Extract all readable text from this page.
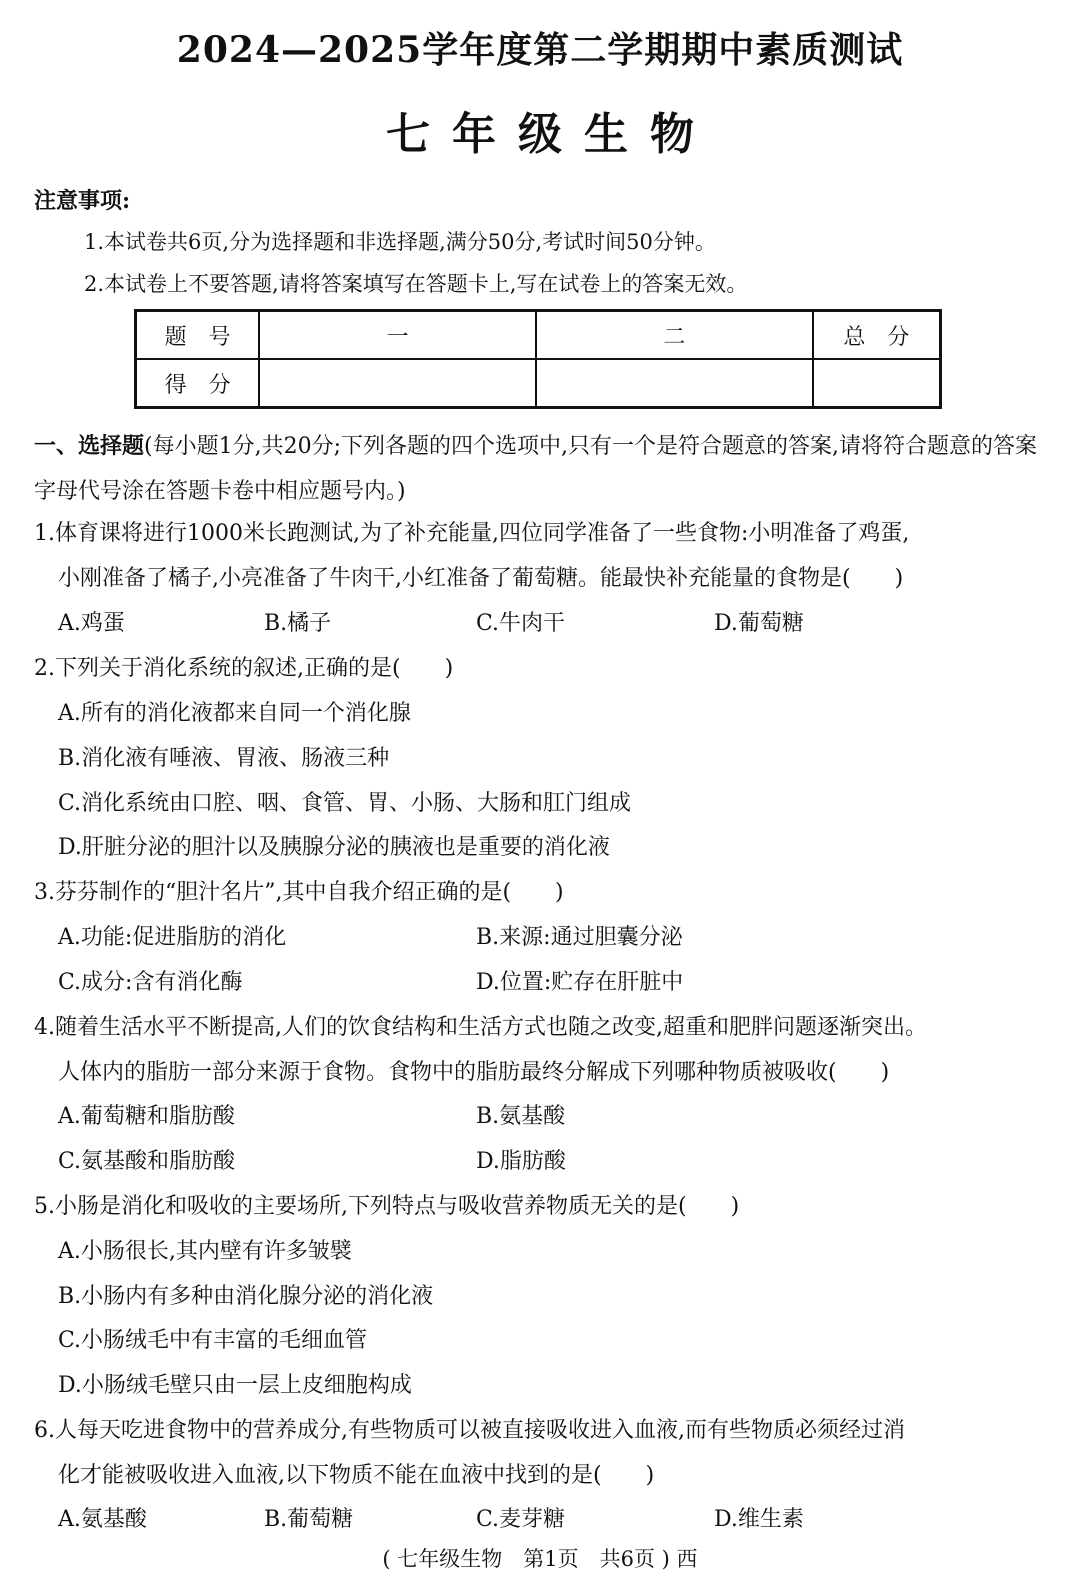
2024—2025学年度第二学期期中素质测试
七年级生物
注意事项:
1.本试卷共6页,分为选择题和非选择题,满分50分,考试时间50分钟。
2.本试卷上不要答题,请将答案填写在答题卡上,写在试卷上的答案无效。
题号	一	二	总分
得分			
一、选择题(每小题1分,共20分;下列各题的四个选项中,只有一个是符合题意的答案,请将符合题意的答案字母代号涂在答题卡卷中相应题号内。)
1.体育课将进行1000米长跑测试,为了补充能量,四位同学准备了一些食物:小明准备了鸡蛋,
小刚准备了橘子,小亮准备了牛肉干,小红准备了葡萄糖。能最快补充能量的食物是(　　)
A.鸡蛋	B.橘子	C.牛肉干	D.葡萄糖
2.下列关于消化系统的叙述,正确的是(　　)
A.所有的消化液都来自同一个消化腺
B.消化液有唾液、胃液、肠液三种
C.消化系统由口腔、咽、食管、胃、小肠、大肠和肛门组成
D.肝脏分泌的胆汁以及胰腺分泌的胰液也是重要的消化液
3.芬芬制作的“胆汁名片”,其中自我介绍正确的是(　　)
A.功能:促进脂肪的消化	B.来源:通过胆囊分泌
C.成分:含有消化酶	D.位置:贮存在肝脏中
4.随着生活水平不断提高,人们的饮食结构和生活方式也随之改变,超重和肥胖问题逐渐突出。
人体内的脂肪一部分来源于食物。食物中的脂肪最终分解成下列哪种物质被吸收(　　)
A.葡萄糖和脂肪酸	B.氨基酸
C.氨基酸和脂肪酸	D.脂肪酸
5.小肠是消化和吸收的主要场所,下列特点与吸收营养物质无关的是(　　)
A.小肠很长,其内壁有许多皱襞
B.小肠内有多种由消化腺分泌的消化液
C.小肠绒毛中有丰富的毛细血管
D.小肠绒毛壁只由一层上皮细胞构成
6.人每天吃进食物中的营养成分,有些物质可以被直接吸收进入血液,而有些物质必须经过消
化才能被吸收进入血液,以下物质不能在血液中找到的是(　　)
A.氨基酸	B.葡萄糖	C.麦芽糖	D.维生素
( 七年级生物　第1页　共6页 ) 西
